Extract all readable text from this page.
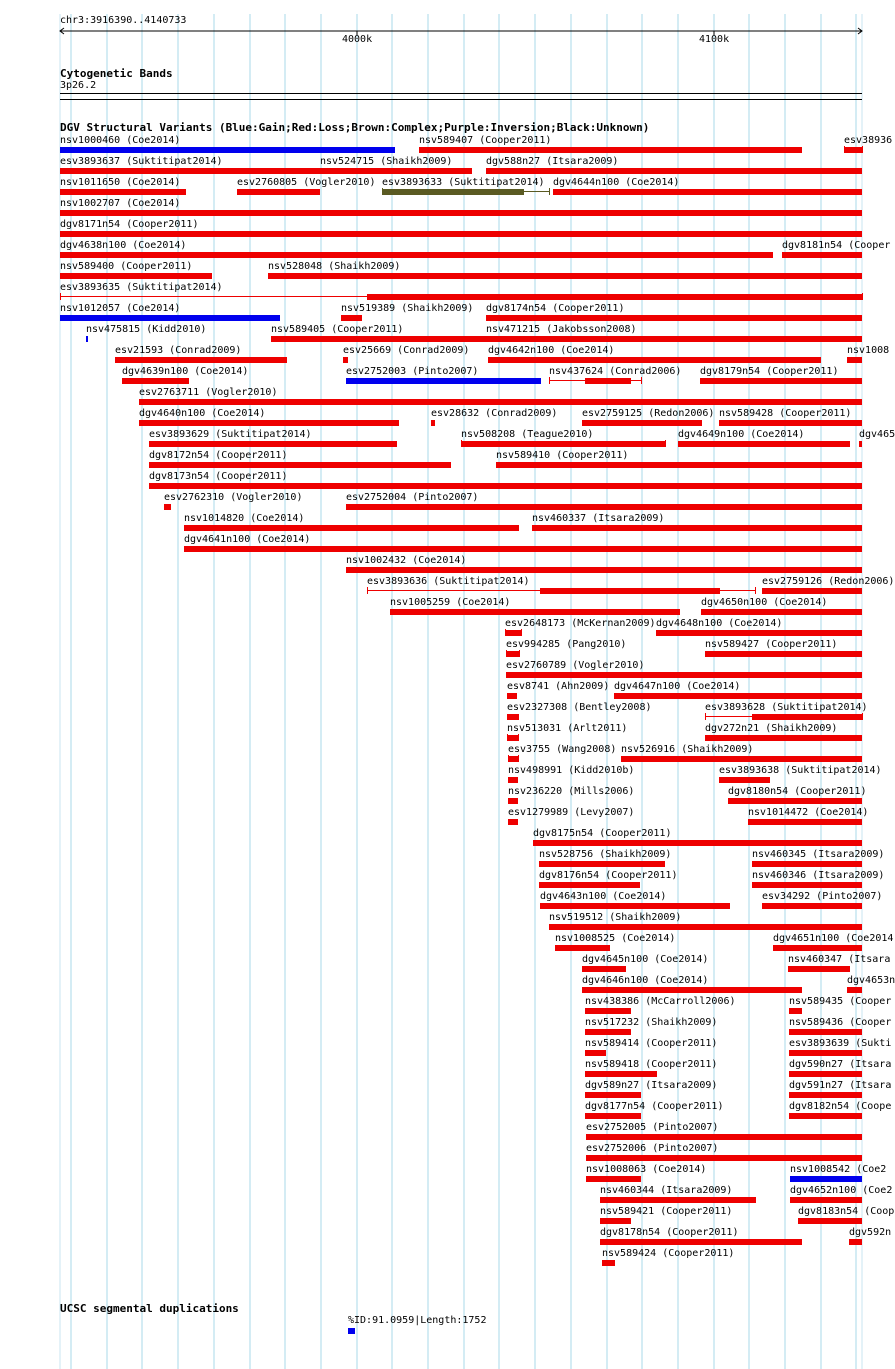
chr3:3916390..4140733
4000k	4100k
Cytogenetic Bands
3p26.2
DGV Structural Variants (Blue:Gain;Red:Loss;Brown:Complex;Purple:Inversion;Black:Unknown)
nsv1000460 (Coe2014)	nsv589407 (Cooper2011)	esv38936
esv3893637 (Suktitipat2014)	nsv524715 (Shaikh2009)	dgv588n27 (Itsara2009)
nsv1011650 (Coe2014)	esv2760805 (Vogler2010) esv3893633 (Suktitipat2014) dgv4644n100 (Coe2014)
nsv1002707 (Coe2014)
dgv8171n54 (Cooper2011)
dgv4638n100 (Coe2014)	dgv8181n54 (Cooper
nsv589400 (Cooper2011)	nsv528048 (Shaikh2009)
esv3893635 (Suktitipat2014)
nsv1012057 (Coe2014)	nsv519389 (Shaikh2009) dgv8174n54 (Cooper2011)
nsv475815 (Kidd2010)	nsv589405 (Cooper2011)	nsv471215 (Jakobsson2008)
esv21593 (Conrad2009)	esv25669 (Conrad2009) dgv4642n100 (Coe2014)	nsv1008
dgv4639n100 (Coe2014)	esv2752003 (Pinto2007)	nsv437624 (Conrad2006) dgv8179n54 (Cooper2011)
esv2763711 (Vogler2010)
dgv4640n100 (Coe2014)	esv28632 (Conrad2009) esv2759125 (Redon2006) nsv589428 (Cooper2011)
esv3893629 (Suktitipat2014)	nsv508208 (Teague2010)	dgv4649n100 (Coe2014)	dgv465
dgv8172n54 (Cooper2011)	nsv589410 (Cooper2011)
dgv8173n54 (Cooper2011)
esv2762310 (Vogler2010)	esv2752004 (Pinto2007)
nsv1014820 (Coe2014)	nsv460337 (Itsara2009)
dgv4641n100 (Coe2014)
nsv1002432 (Coe2014)
esv3893636 (Suktitipat2014)	esv2759126 (Redon2006)
nsv1005259 (Coe2014)	dgv4650n100 (Coe2014)
esv2648173 (McKernan2009) dgv4648n100 (Coe2014)
esv994285 (Pang2010)	nsv589427 (Cooper2011)
esv2760789 (Vogler2010)
esv8741 (Ahn2009) dgv4647n100 (Coe2014)
esv2327308 (Bentley2008)	esv3893628 (Suktitipat2014)
nsv513031 (Arlt2011)	dgv272n21 (Shaikh2009)
esv3755 (Wang2008) nsv526916 (Shaikh2009)
nsv498991 (Kidd2010b)	esv3893638 (Suktitipat2014)
nsv236220 (Mills2006)	dgv8180n54 (Cooper2011)
esv1279989 (Levy2007)	nsv1014472 (Coe2014)
dgv8175n54 (Cooper2011)
nsv528756 (Shaikh2009)	nsv460345 (Itsara2009)
dgv8176n54 (Cooper2011)	nsv460346 (Itsara2009)
dgv4643n100 (Coe2014)	esv34292 (Pinto2007)
nsv519512 (Shaikh2009)
nsv1008525 (Coe2014)	dgv4651n100 (Coe2014
dgv4645n100 (Coe2014)	nsv460347 (Itsara
dgv4646n100 (Coe2014)	dgv4653n
nsv438386 (McCarroll2006)	nsv589435 (Cooper
nsv517232 (Shaikh2009)	nsv589436 (Cooper
nsv589414 (Cooper2011)	esv3893639 (Sukti
nsv589418 (Cooper2011)	dgv590n27 (Itsara
dgv589n27 (Itsara2009)	dgv591n27 (Itsara
dgv8177n54 (Cooper2011)	dgv8182n54 (Coope
esv2752005 (Pinto2007)
esv2752006 (Pinto2007)
nsv1008063 (Coe2014)	nsv1008542 (Coe2
nsv460344 (Itsara2009)	dgv4652n100 (Coe2
nsv589421 (Cooper2011)	dgv8183n54 (Coop
dgv8178n54 (Cooper2011)	dgv592n
nsv589424 (Cooper2011)
UCSC segmental duplications
%ID:91.0959|Length:1752
